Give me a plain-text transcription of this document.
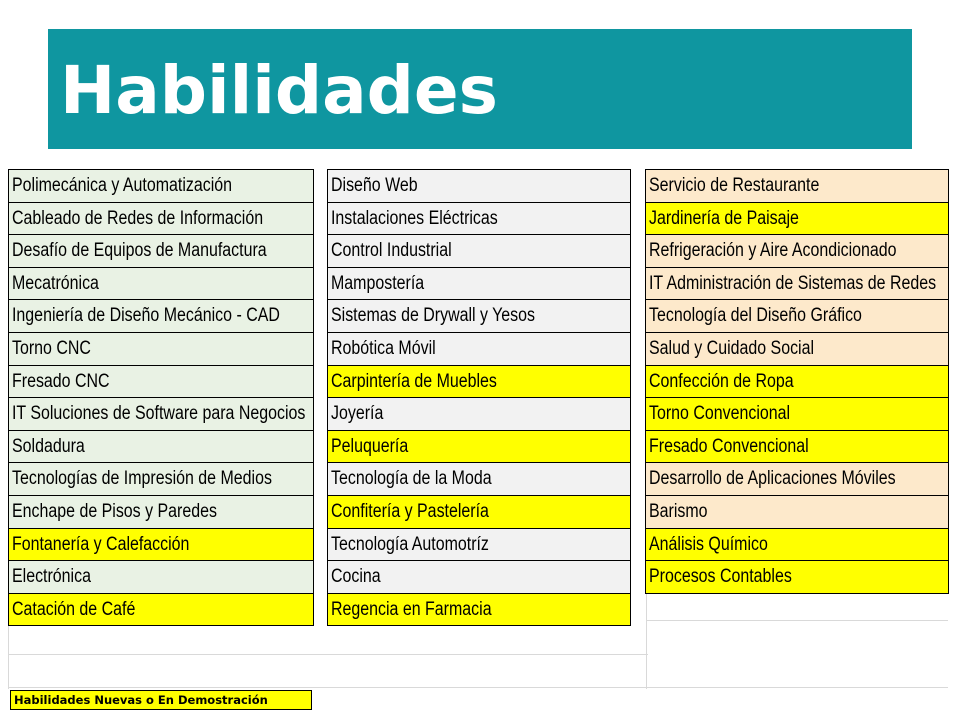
Habilidades
Polimecánica y Automatización
Cableado de Redes de Información
Desafío de Equipos de Manufactura
Mecatrónica
Ingeniería de Diseño Mecánico - CAD
Torno CNC
Fresado CNC
IT Soluciones de Software para Negocios
Soldadura
Tecnologías de Impresión de Medios
Enchape de Pisos y Paredes
Fontanería y Calefacción
Electrónica
Catación de Café
Diseño Web
Instalaciones Eléctricas
Control Industrial
Mampostería
Sistemas de Drywall y Yesos
Robótica Móvil
Carpintería de Muebles
Joyería
Peluquería
Tecnología de la Moda
Confitería y Pastelería
Tecnología Automotríz
Cocina
Regencia en Farmacia
Servicio de Restaurante
Jardinería de Paisaje
Refrigeración y Aire Acondicionado
IT Administración de Sistemas de Redes
Tecnología del Diseño Gráfico
Salud y Cuidado Social
Confección de Ropa
Torno Convencional
Fresado Convencional
Desarrollo de Aplicaciones Móviles
Barismo
Análisis Químico
Procesos Contables
Habilidades Nuevas o En Demostración
